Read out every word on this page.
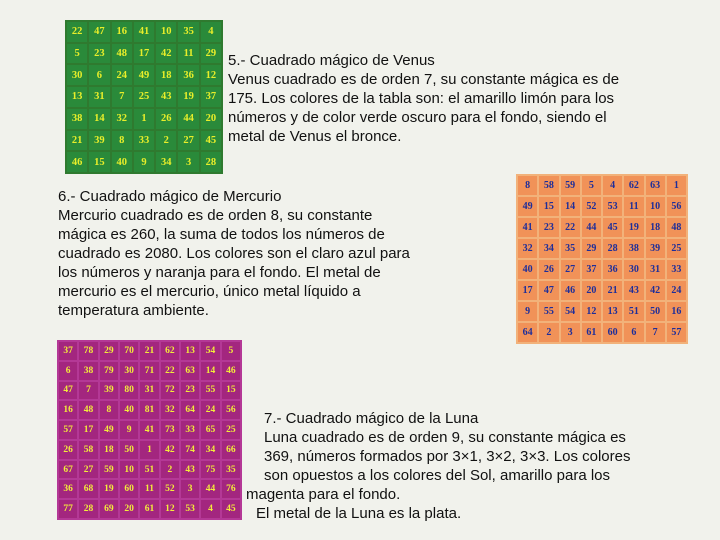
22	47	16	41	10	35	4
5	23	48	17	42	11	29
30	6	24	49	18	36	12
13	31	7	25	43	19	37
38	14	32	1	26	44	20
21	39	8	33	2	27	45
46	15	40	9	34	3	28
5.- Cuadrado mágico de Venus
Venus cuadrado es de orden 7, su constante mágica es de
175. Los colores de la tabla son: el amarillo limón para los
números y de color verde oscuro para el fondo, siendo el
metal de Venus el bronce.
8	58	59	5	4	62	63	1
49	15	14	52	53	11	10	56
41	23	22	44	45	19	18	48
32	34	35	29	28	38	39	25
40	26	27	37	36	30	31	33
17	47	46	20	21	43	42	24
9	55	54	12	13	51	50	16
64	2	3	61	60	6	7	57
6.- Cuadrado mágico de Mercurio
Mercurio cuadrado es de orden 8, su constante
mágica es 260, la suma de todos los números de
cuadrado es 2080. Los colores son el claro azul para
los números y naranja para el fondo. El metal de
mercurio es el mercurio, único metal líquido a
temperatura ambiente.
37	78	29	70	21	62	13	54	5
6	38	79	30	71	22	63	14	46
47	7	39	80	31	72	23	55	15
16	48	8	40	81	32	64	24	56
57	17	49	9	41	73	33	65	25
26	58	18	50	1	42	74	34	66
67	27	59	10	51	2	43	75	35
36	68	19	60	11	52	3	44	76
77	28	69	20	61	12	53	4	45
7.- Cuadrado mágico de la Luna
Luna cuadrado es de orden 9, su constante mágica es
369, números formados por 3×1, 3×2, 3×3. Los colores
son opuestos a los colores del Sol, amarillo para los
magenta para el fondo.
El metal de la Luna es la plata.
